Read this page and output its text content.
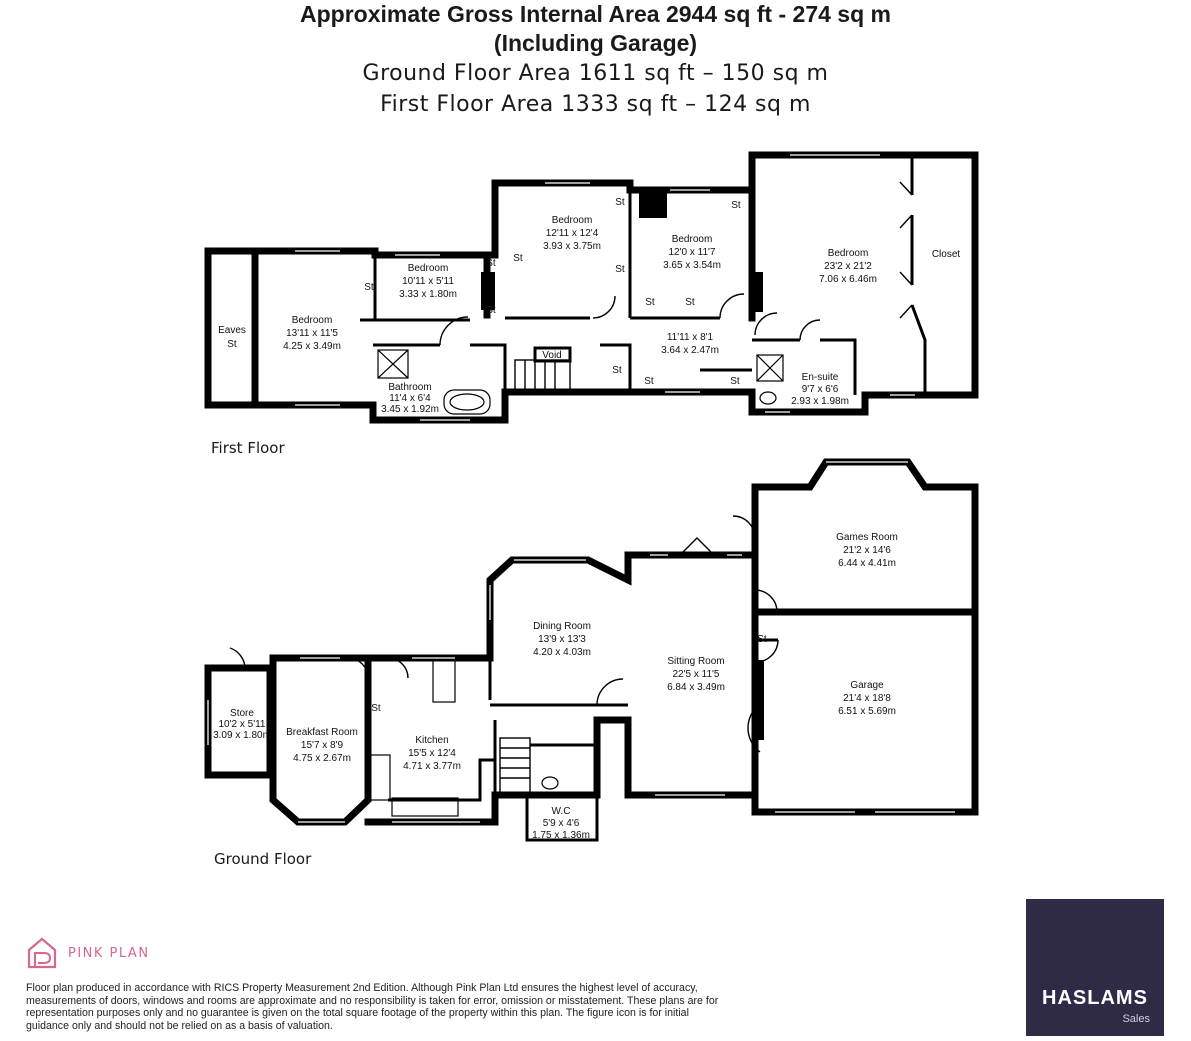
Approximate Gross Internal Area 2944 sq ft - 274 sq m
(Including Garage)
Ground Floor Area 1611 sq ft – 150 sq m
First Floor Area 1333 sq ft – 124 sq m
Eaves
St
Bedroom
13'11 x 11'5
4.25 x 3.49m
Bedroom
10'11 x 5'11
3.33 x 1.80m
Bedroom
12'11 x 12'4
3.93 x 3.75m
Bedroom
12'0 x 11'7
3.65 x 3.54m
Bedroom
23'2 x 21'2
7.06 x 6.46m
Closet
11'11 x 8'1
3.64 x 2.47m
Bathroom
11'4 x 6'4
3.45 x 1.92m
En-suite
9'7 x 6'6
2.93 x 1.98m
Void
St
St
St
St
St
St
St	St
St
St
St	St
Store
10'2 x 5'11
3.09 x 1.80m Breakfast Room
15'7 x 8'9
4.75 x 2.67m
Kitchen
15'5 x 12'4
4.71 x 3.77m
Dining Room
13'9 x 13'3
4.20 x 4.03m
Sitting Room
22'5 x 11'5
6.84 x 3.49m
Games Room
21'2 x 14'6
6.44 x 4.41m
Garage
21'4 x 18'8
6.51 x 5.69m
W.C
5'9 x 4'6
1.75 x 1.36m
St
St
First Floor
Ground Floor
PINK PLAN
Floor plan produced in accordance with RICS Property Measurement 2nd Edition. Although Pink Plan Ltd ensures the highest level of accuracy, measurements of doors, windows and rooms are approximate and no responsibility is taken for error, omission or misstatement. These plans are for representation purposes only and no guarantee is given on the total square footage of the property within this plan. The figure icon is for initial guidance only and should not be relied on as a basis of valuation.
HASLAMS
Sales
